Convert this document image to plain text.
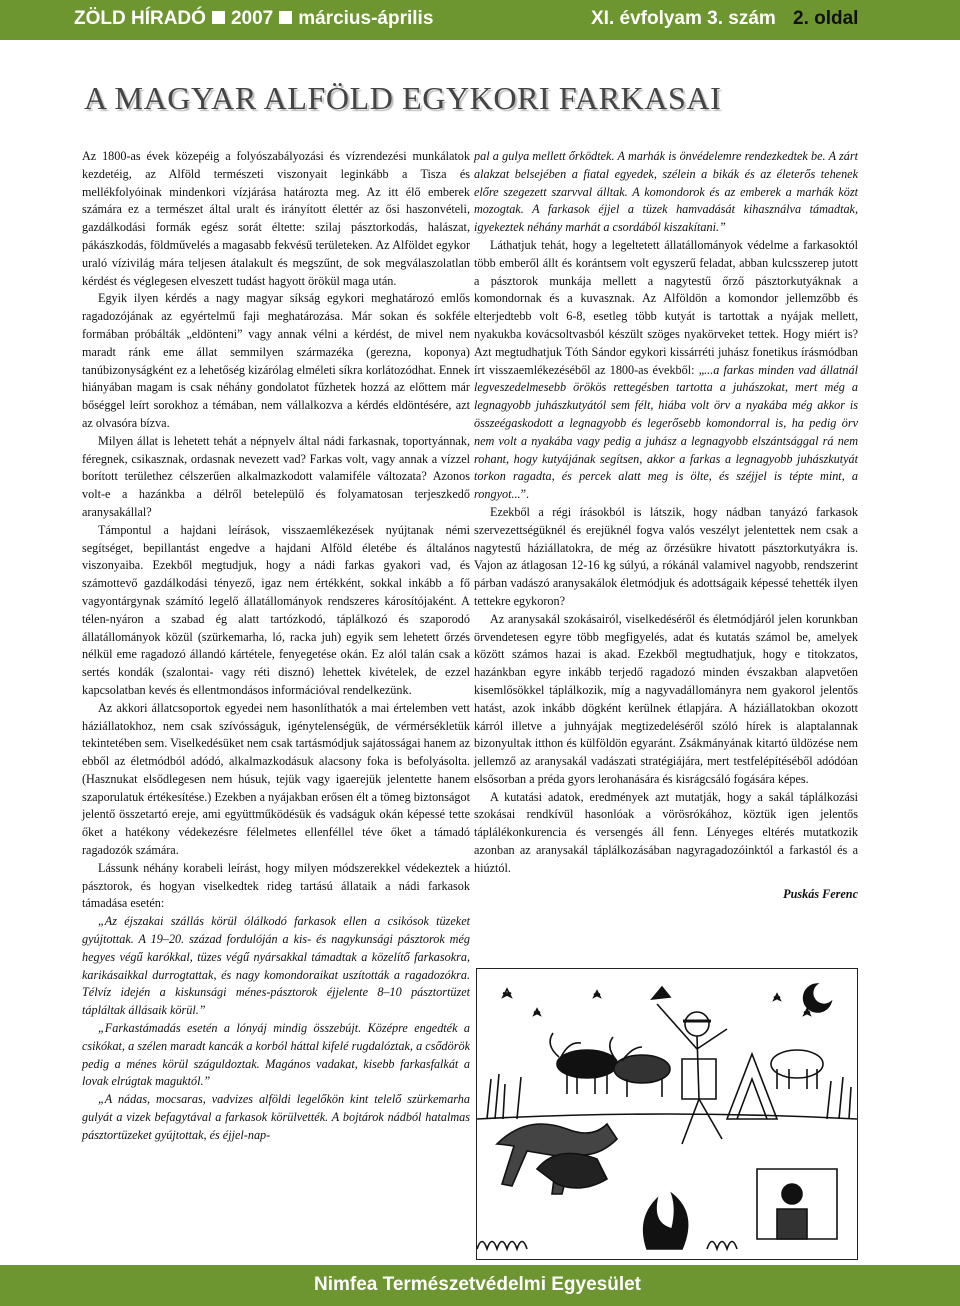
ZÖLD HÍRADÓ 2007 március-április	XI. évfolyam 3. szám 2. oldal
A MAGYAR ALFÖLD EGYKORI FARKASAI

Az 1800-as évek közepéig a folyószabályozási és vízrendezési munkálatok kezdetéig, az Alföld természeti viszonyait leginkább a Tisza és mellékfolyóinak mindenkori vízjárása határozta meg. Az itt élő emberek számára ez a természet által uralt és irányított élettér az ősi haszonvételi, gazdálkodási formák egész sorát éltette: szilaj pásztorkodás, halászat, pákászkodás, földművelés a magasabb fekvésű területeken. Az Alföldet egykor uraló vízivilág mára teljesen átalakult és megszűnt, de sok megválaszolatlan kérdést és véglegesen elveszett tudást hagyott örökül maga után.

Egyik ilyen kérdés a nagy magyar síkság egykori meghatározó emlős ragadozójának az egyértelmű faji meghatározása. Már sokan és sokféle formában próbálták „eldönteni” vagy annak vélni a kérdést, de mivel nem maradt ránk eme állat semmilyen származéka (gerezna, koponya) tanúbizonyságként ez a lehetőség kizárólag elméleti síkra korlátozódhat. Ennek hiányában magam is csak néhány gondolatot fűzhetek hozzá az előttem már bőséggel leírt sorokhoz a témában, nem vállalkozva a kérdés eldöntésére, azt az olvasóra bízva.

Milyen állat is lehetett tehát a népnyelv által nádi farkasnak, toportyánnak, féregnek, csikasznak, ordasnak nevezett vad? Farkas volt, vagy annak a vízzel borított területhez célszerűen alkalmazkodott valamiféle változata? Azonos volt-e a hazánkba a délről betelepülő és folyamatosan terjeszkedő aranysakállal?

Támpontul a hajdani leírások, visszaemlékezések nyújtanak némi segítséget, bepillantást engedve a hajdani Alföld életébe és általános viszonyaiba. Ezekből megtudjuk, hogy a nádi farkas gyakori vad, és számottevő gazdálkodási tényező, igaz nem értékként, sokkal inkább a fő vagyontárgynak számító legelő állatállományok rendszeres károsítójaként. A télen-nyáron a szabad ég alatt tartózkodó, táplálkozó és szaporodó állatállományok közül (szürkemarha, ló, racka juh) egyik sem lehetett őrzés nélkül eme ragadozó állandó kártétele, fenyegetése okán. Ez alól talán csak a sertés kondák (szalontai- vagy réti disznó) lehettek kivételek, de ezzel kapcsolatban kevés és ellentmondásos információval rendelkezünk.

Az akkori állatcsoportok egyedei nem hasonlíthatók a mai értelemben vett háziállatokhoz, nem csak szívósságuk, igénytelenségük, de vérmérsékletük tekintetében sem. Viselkedésüket nem csak tartásmódjuk sajátosságai hanem az ebből az életmódból adódó, alkalmazkodásuk alacsony foka is befolyásolta. (Hasznukat elsődlegesen nem húsuk, tejük vagy igaerejük jelentette hanem szaporulatuk értékesítése.) Ezekben a nyájakban erősen élt a tömeg biztonságot jelentő összetartó ereje, ami együttműködésük és vadságuk okán képessé tette őket a hatékony védekezésre félelmetes ellenféllel téve őket a támadó ragadozók számára.

Lássunk néhány korabeli leírást, hogy milyen módszerekkel védekeztek a pásztorok, és hogyan viselkedtek rideg tartású állataik a nádi farkasok támadása esetén:

„Az éjszakai szállás körül ólálkodó farkasok ellen a csikósok tüzeket gyújtottak. A 19–20. század fordulóján a kis- és nagykunsági pásztorok még hegyes végű karókkal, tüzes végű nyársakkal támadtak a közelítő farkasokra, karikásaikkal durrogtattak, és nagy komondoraikat uszították a ragadozókra. Télvíz idején a kiskunsági ménes-pásztorok éjjelente 8–10 pásztortüzet tápláltak állásaik körül.”

„Farkastámadás esetén a lónyáj mindig összebújt. Középre engedték a csikókat, a szélen maradt kancák a korból háttal kifelé rugdalóztak, a csődörök pedig a ménes körül száguldoztak. Magános vadakat, kisebb farkasfalkát a lovak elrúgtak maguktól.”

„A nádas, mocsaras, vadvizes alföldi legelőkön kint telelő szürkemarha gulyát a vizek befagytával a farkasok körülvették. A bojtárok nádból hatalmas pásztortüzeket gyújtottak, és éjjel-nap-

pal a gulya mellett őrködtek. A marhák is önvédelemre rendezkedtek be. A zárt alakzat belsejében a fiatal egyedek, szélein a bikák és az életerős tehenek előre szegezett szarvval álltak. A komondorok és az emberek a marhák közt mozogtak. A farkasok éjjel a tüzek hamvadását kihasználva támadtak, igyekeztek néhány marhát a csordából kiszakítani.”

Láthatjuk tehát, hogy a legeltetett állatállományok védelme a farkasoktól több emberől állt és korántsem volt egyszerű feladat, abban kulcsszerep jutott a pásztorok munkája mellett a nagytestű őrző pásztorkutyáknak a komondornak és a kuvasznak. Az Alföldön a komondor jellemzőbb és elterjedtebb volt 6-8, esetleg több kutyát is tartottak a nyájak mellett, nyakukba kovácsoltvasból készült szöges nyakörveket tettek. Hogy miért is? Azt megtudhatjuk Tóth Sándor egykori kissárréti juhász fonetikus írásmódban írt visszaemlékezéséből az 1800-as évekből: „...a farkas minden vad állatnál legveszedelmesebb örökös rettegésben tartotta a juhászokat, mert még a legnagyobb juhászkutyától sem félt, hiába volt örv a nyakába még akkor is összeégaskodott a legnagyobb és legerősebb komondorral is, ha pedig örv nem volt a nyakába vagy pedig a juhász a legnagyobb elszántsággal rá nem rohant, hogy kutyájának segítsen, akkor a farkas a legnagyobb juhászkutyát torkon ragadta, és percek alatt meg is ölte, és széjjel is tépte mint, a rongyot...”.

Ezekből a régi írásokból is látszik, hogy nádban tanyázó farkasok szervezettségüknél és erejüknél fogva valós veszélyt jelentettek nem csak a nagytestű háziállatokra, de még az őrzésükre hivatott pásztorkutyákra is. Vajon az átlagosan 12-16 kg súlyú, a rókánál valamivel nagyobb, rendszerint párban vadászó aranysakálok életmódjuk és adottságaik képessé tehették ilyen tettekre egykoron?

Az aranysakál szokásairól, viselkedéséről és életmódjáról jelen korunkban örvendetesen egyre több megfigyelés, adat és kutatás számol be, amelyek között számos hazai is akad. Ezekből megtudhatjuk, hogy e titokzatos, hazánkban egyre inkább terjedő ragadozó minden évszakban alapvetően kisemlősökkel táplálkozik, míg a nagyvadállományra nem gyakorol jelentős hatást, azok inkább dögként kerülnek étlapjára. A háziállatokban okozott kárról illetve a juhnyájak megtizedeléséről szóló hírek is alaptalannak bizonyultak itthon és külföldön egyaránt. Zsákmányának kitartó üldözése nem jellemző az aranysakál vadászati stratégiájára, mert testfelépítéséből adódóan elsősorban a préda gyors lerohanására és kisrágcsáló fogására képes.

A kutatási adatok, eredmények azt mutatják, hogy a sakál táplálkozási szokásai rendkívül hasonlóak a vörösrókához, köztük igen jelentős táplálékonkurencia és versengés áll fenn. Lényeges eltérés mutatkozik azonban az aranysakál táplálkozásában nagyragadozóinktól a farkastól és a hiúztól.

Puskás Ferenc

Nimfea Természetvédelmi Egyesület
